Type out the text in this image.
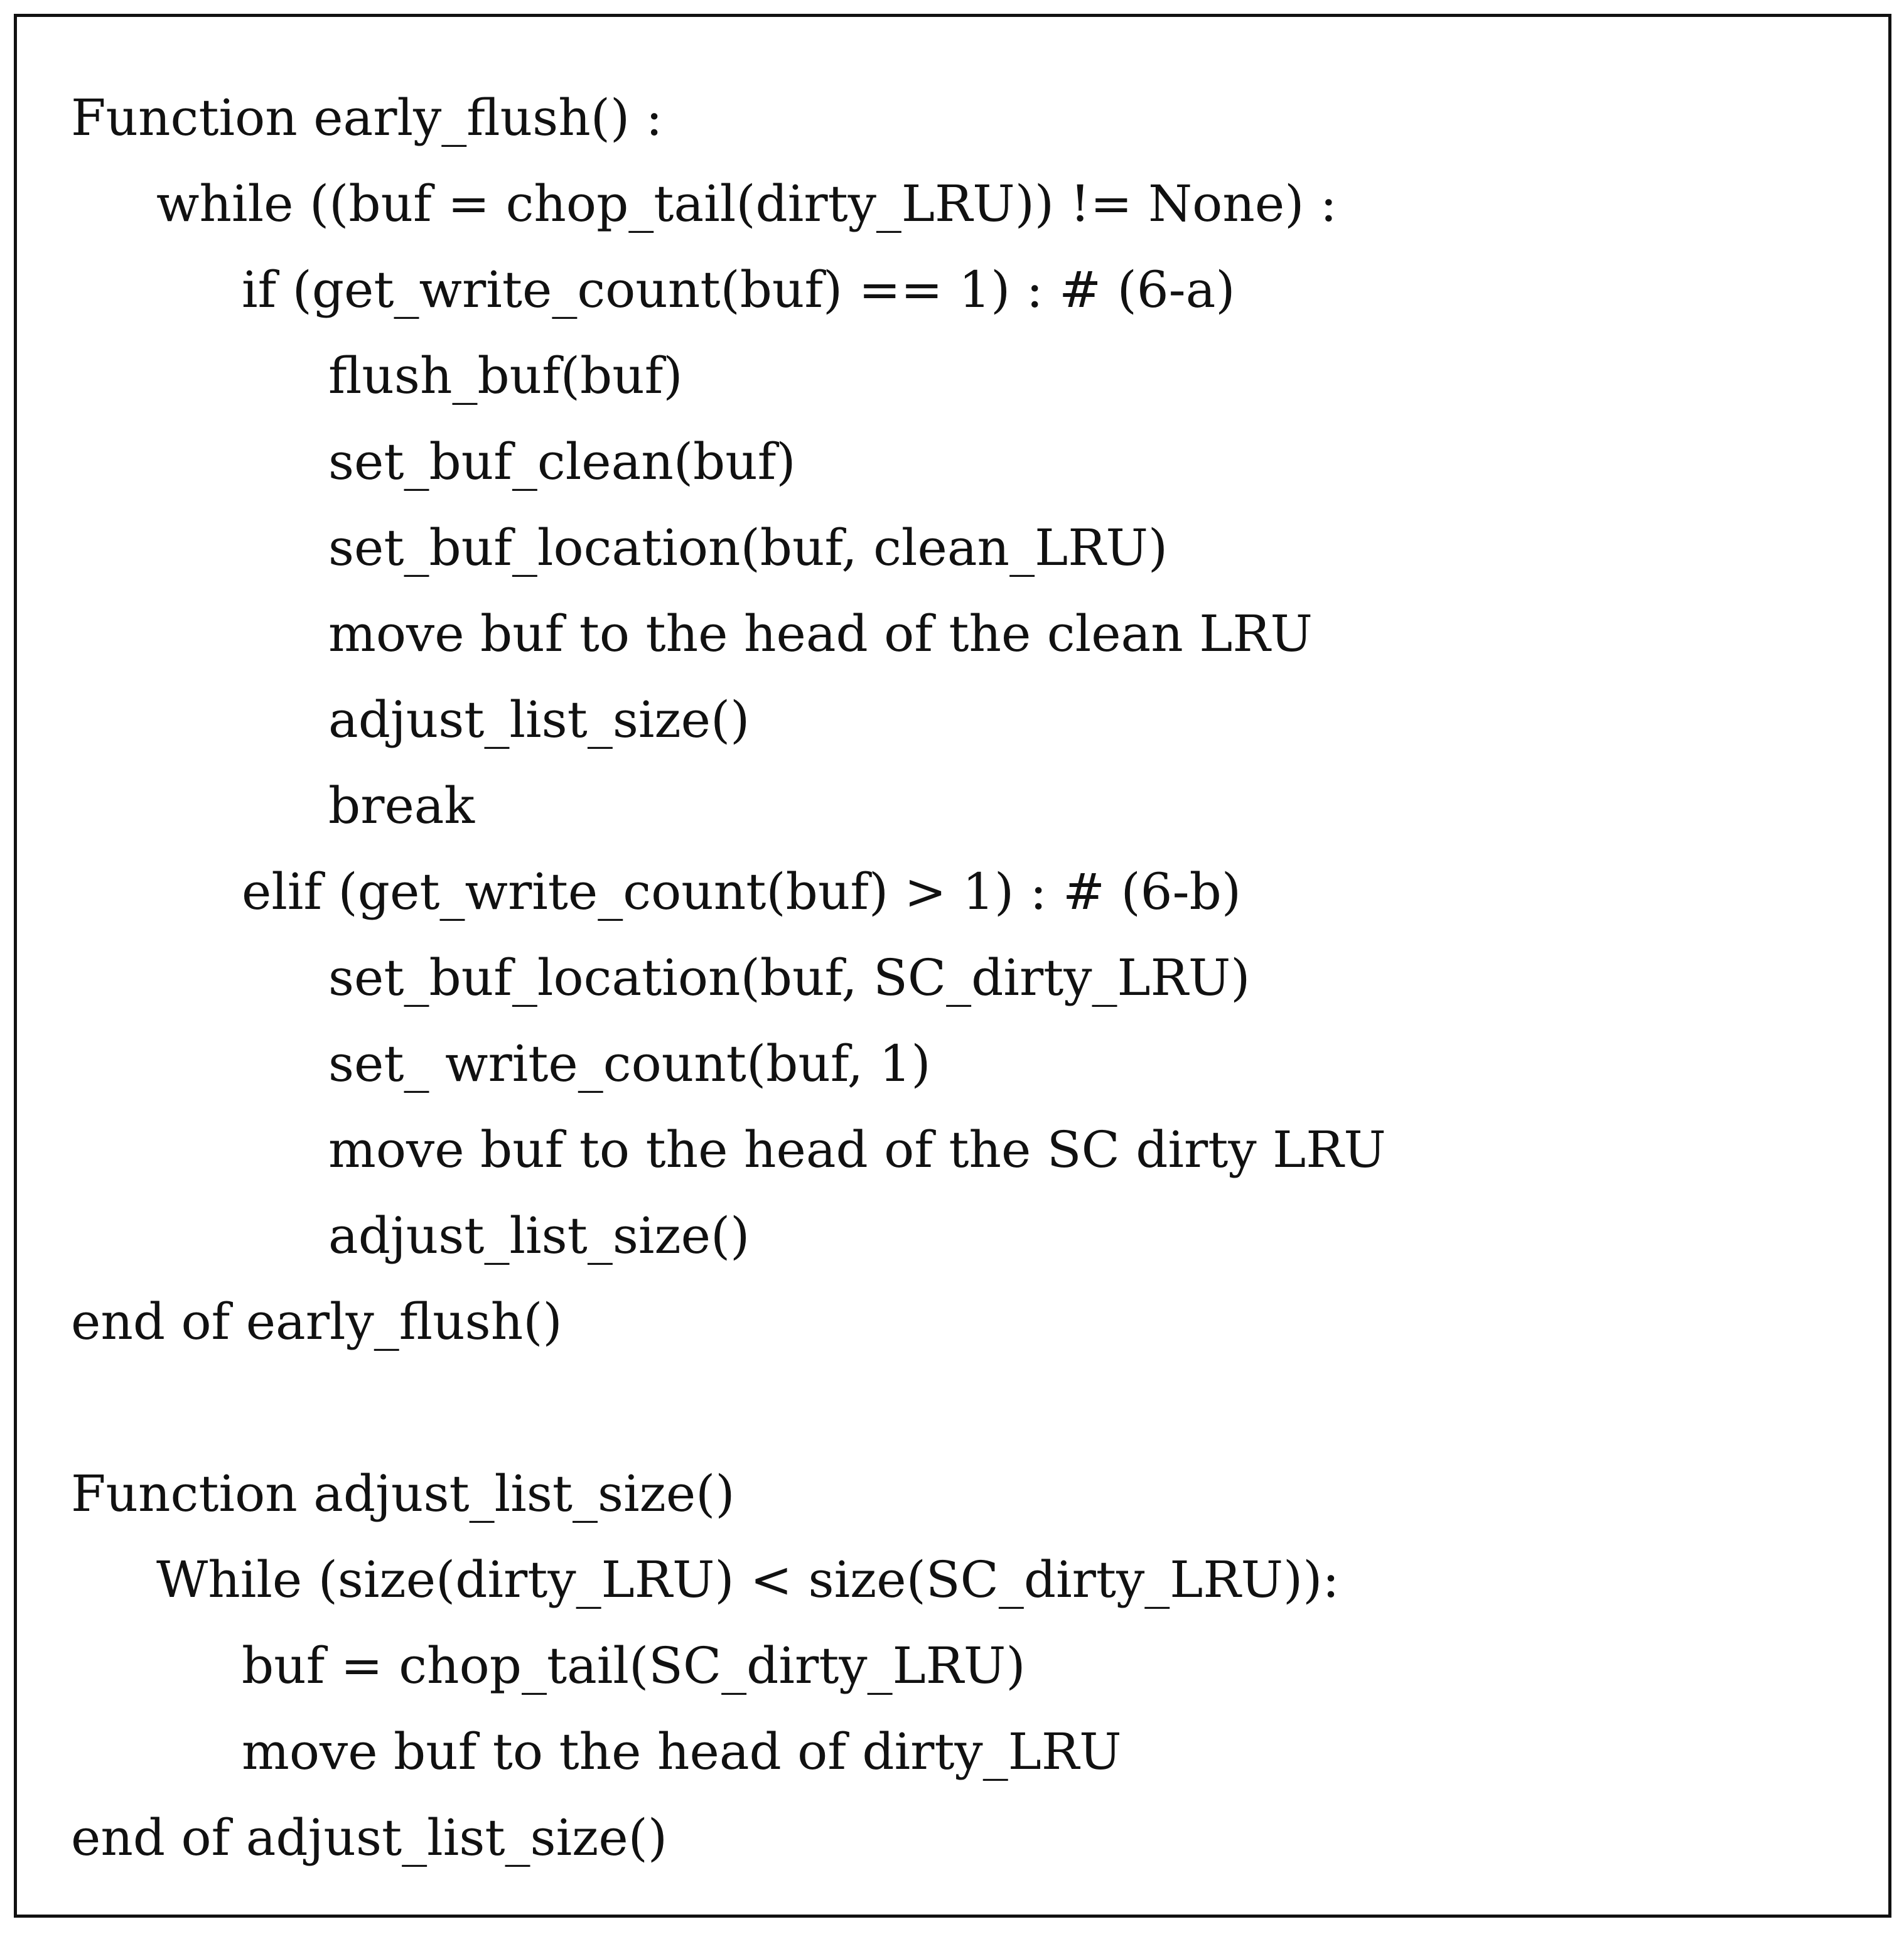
Function early_flush() :
while ((buf = chop_tail(dirty_LRU)) != None) :
if (get_write_count(buf) == 1) : # (6-a)
flush_buf(buf)
set_buf_clean(buf)
set_buf_location(buf, clean_LRU)
move buf to the head of the clean LRU
adjust_list_size()
break
elif (get_write_count(buf) > 1) : # (6-b)
set_buf_location(buf, SC_dirty_LRU)
set_ write_count(buf, 1)
move buf to the head of the SC dirty LRU
adjust_list_size()
end of early_flush()
Function adjust_list_size()
While (size(dirty_LRU) < size(SC_dirty_LRU)):
buf = chop_tail(SC_dirty_LRU)
move buf to the head of dirty_LRU
end of adjust_list_size()
